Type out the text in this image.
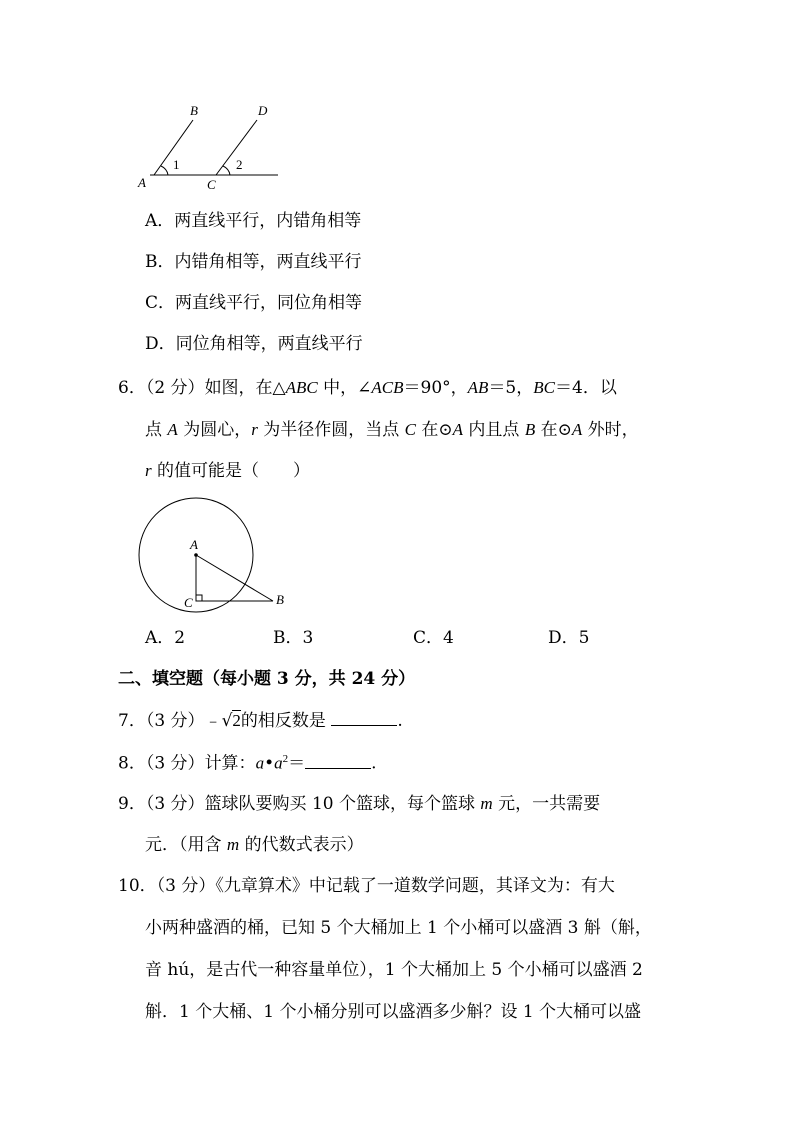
B	D
1	2
A	C
A．两直线平行，内错角相等
B．内错角相等，两直线平行
C．两直线平行，同位角相等
D．同位角相等，两直线平行
6．（2 分）如图，在△ABC 中，∠ACB＝90°，AB＝5，BC＝4．以
点 A 为圆心，r 为半径作圆，当点 C 在⊙A 内且点 B 在⊙A 外时，
r 的值可能是（　　）
A
C	B
A．2	B．3	C．4	D．5
二、填空题（每小题 3 分，共 24 分）
7．（3 分）﹣√2的相反数是	.
8．（3 分）计算：$a•a^2=$	.
9．（3 分）篮球队要购买 10 个篮球，每个篮球 m 元，一共需要
元．（用含 m 的代数式表示）
10．（3 分）《九章算术》中记载了一道数学问题，其译文为：有大
小两种盛酒的桶，已知 5 个大桶加上 1 个小桶可以盛酒 3 斛（斛，
音 hú，是古代一种容量单位），1 个大桶加上 5 个小桶可以盛酒 2
斛．1 个大桶、1 个小桶分别可以盛酒多少斛？设 1 个大桶可以盛
